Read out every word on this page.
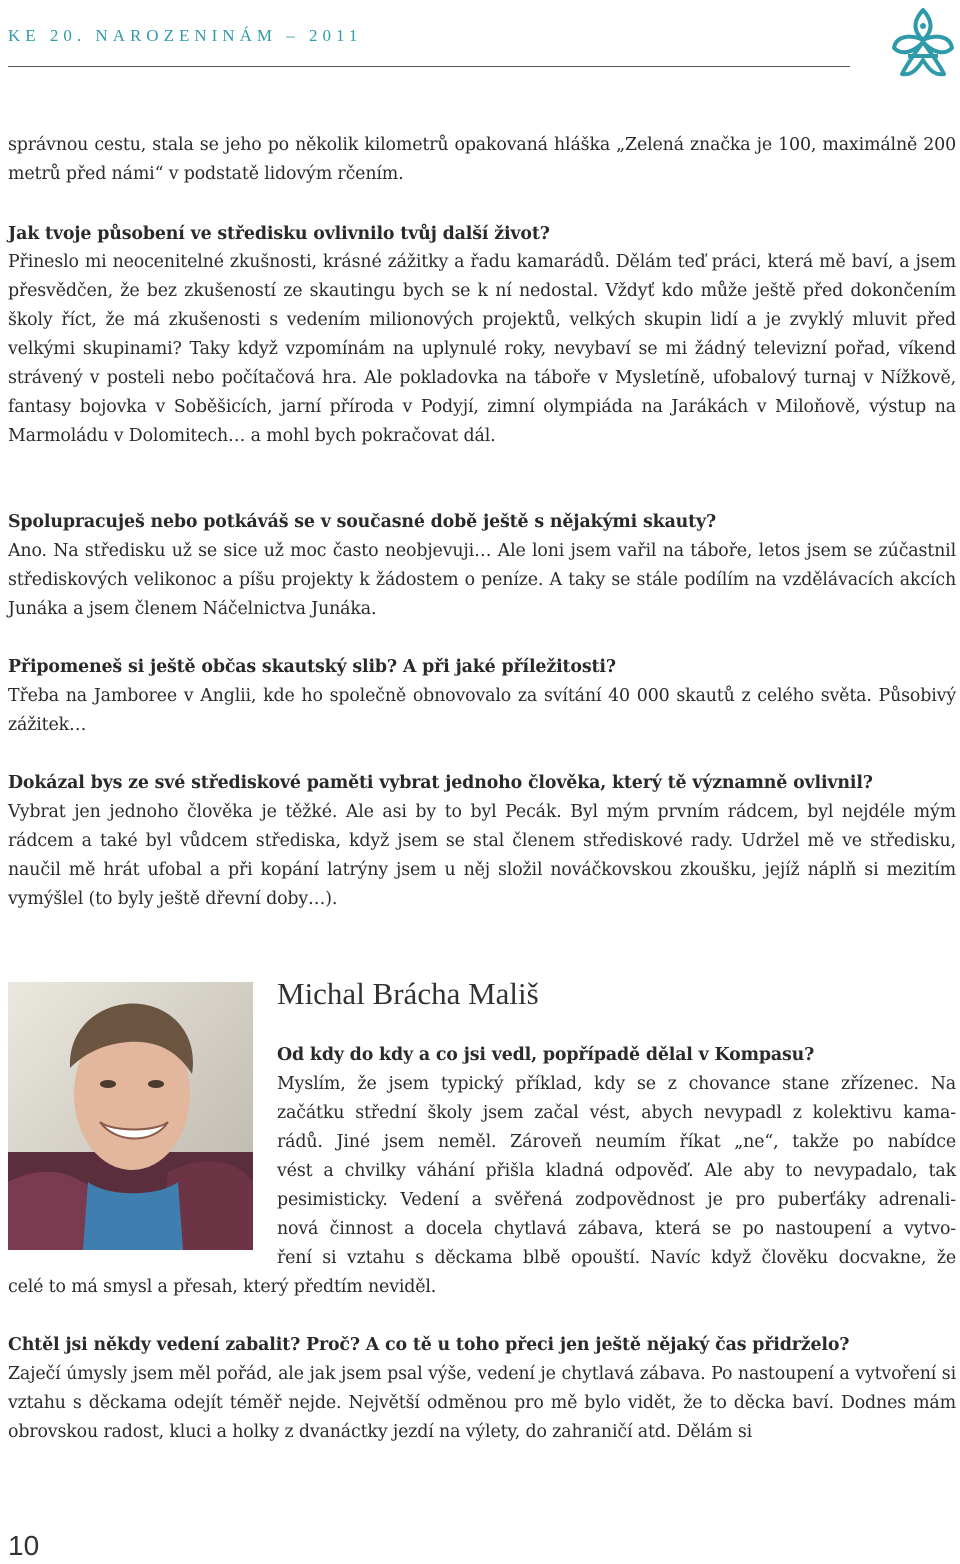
KE 20. NAROZENINÁM – 2011

správnou cestu, stala se jeho po několik kilometrů opakovaná hláška „Zelená značka je 100, maximálně 200 metrů před námi“ v podstatě lidovým rčením.

Jak tvoje působení ve středisku ovlivnilo tvůj další život?

Přineslo mi neocenitelné zkušnosti, krásné zážitky a řadu kamarádů. Dělám teď práci, která mě baví, a jsem přesvědčen, že bez zkušeností ze skautingu bych se k ní nedostal. Vždyť kdo může ještě před dokončením školy říct, že má zkušenosti s vedením milionových projektů, velkých skupin lidí a je zvyklý mluvit před velkými skupinami? Taky když vzpomínám na uplynulé roky, nevybaví se mi žádný televizní pořad, víkend strávený v posteli nebo počítačová hra. Ale pokladovka na táboře v Mysletíně, ufobalový turnaj v Nížkově, fantasy bojovka v Soběšicích, jarní příroda v Podyjí, zimní olympiáda na Jarákách v Miloňově, výstup na Marmoládu v Dolomitech… a mohl bych pokračovat dál.

Spolupracuješ nebo potkáváš se v současné době ještě s nějakými skauty?

Ano. Na středisku už se sice už moc často neobjevuji… Ale loni jsem vařil na táboře, letos jsem se zúčastnil střediskových velikonoc a píšu projekty k žádostem o peníze. A taky se stále podílím na vzdělávacích akcích Junáka a jsem členem Náčelnictva Junáka.

Připomeneš si ještě občas skautský slib? A při jaké příležitosti?

Třeba na Jamboree v Anglii, kde ho společně obnovovalo za svítání 40 000 skautů z celého světa. Působivý zážitek…

Dokázal bys ze své střediskové paměti vybrat jednoho člověka, který tě významně ovlivnil?

Vybrat jen jednoho člověka je těžké. Ale asi by to byl Pecák. Byl mým prvním rádcem, byl nejdéle mým rádcem a také byl vůdcem střediska, když jsem se stal členem střediskové rady. Udržel mě ve středisku, naučil mě hrát ufobal a při kopání latrýny jsem u něj složil nováčkovskou zkoušku, jejíž náplň si mezitím vymýšlel (to byly ještě dřevní doby…).

Michal Brácha Mališ

Od kdy do kdy a co jsi vedl, popřípadě dělal v Kompasu?

Myslím, že jsem typický příklad, kdy se z chovance stane zřízenec. Na
začátku střední školy jsem začal vést, abych nevypadl z kolektivu kama-
rádů. Jiné jsem neměl. Zároveň neumím říkat „ne“, takže po nabídce
vést a chvilky váhání přišla kladná odpověď. Ale aby to nevypadalo, tak
pesimisticky. Vedení a svěřená zodpovědnost je pro puberťáky adrenali-
nová činnost a docela chytlavá zábava, která se po nastoupení a vytvo-
ření si vztahu s děckama blbě opouští. Navíc když člověku docvakne, že

celé to má smysl a přesah, který předtím neviděl.

Chtěl jsi někdy vedení zabalit? Proč? A co tě u toho přeci jen ještě nějaký čas přidrželo?

Zaječí úmysly jsem měl pořád, ale jak jsem psal výše, vedení je chytlavá zábava. Po nastoupení a vytvoření si vztahu s děckama odejít téměř nejde. Největší odměnou pro mě bylo vidět, že to děcka baví. Dodnes mám obrovskou radost, kluci a holky z dvanáctky jezdí na výlety, do zahraničí atd. Dělám si

10
